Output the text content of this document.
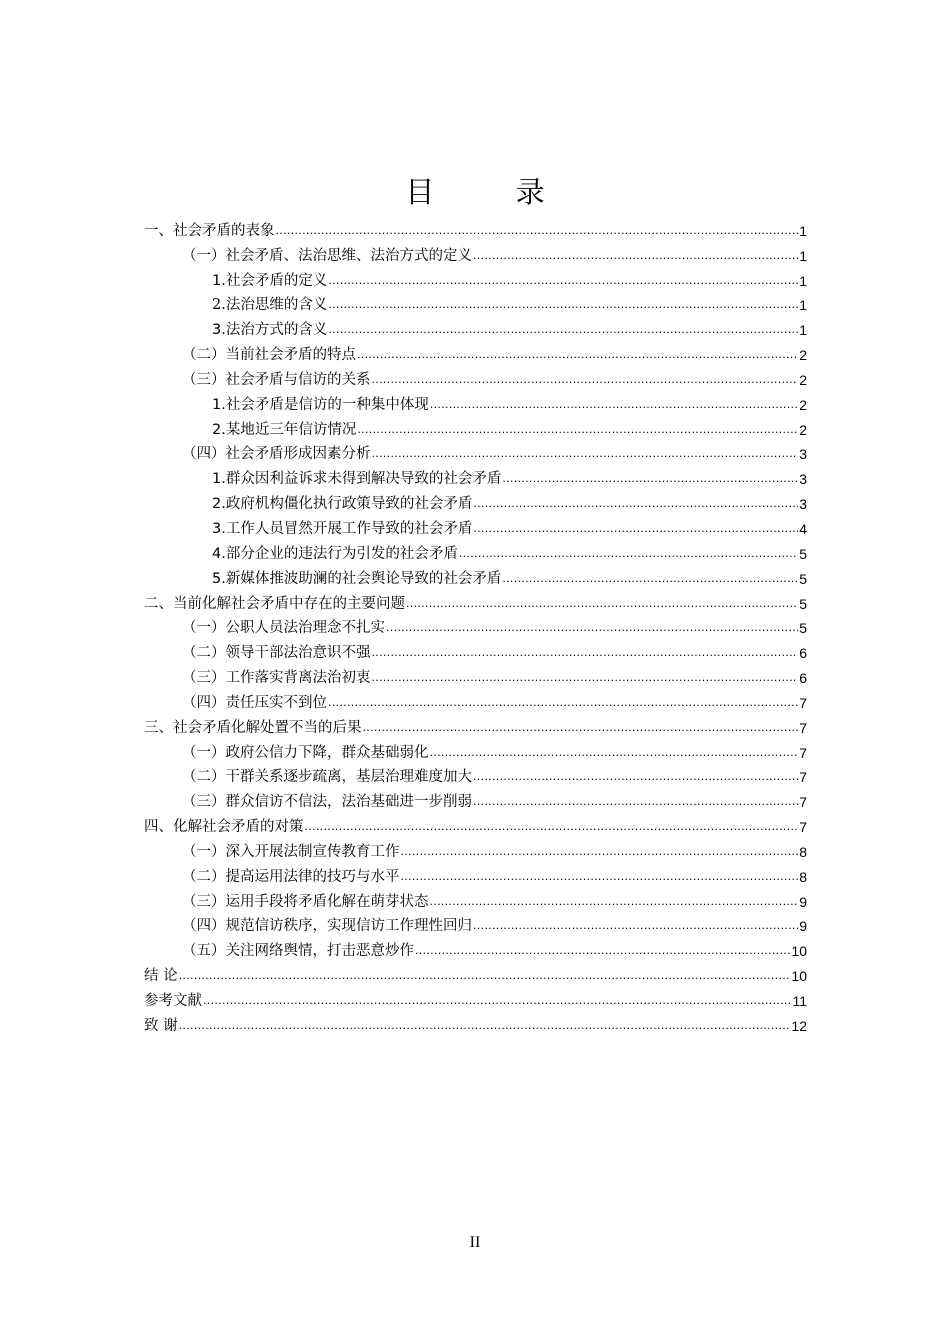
目 录
一、社会矛盾的表象 .....	1
（一）社会矛盾、法治思维、法治方式的定义 .....	1
1.社会矛盾的定义 .....	1
2.法治思维的含义 .....	1
3.法治方式的含义 .....	1
（二）当前社会矛盾的特点 .....	2
（三）社会矛盾与信访的关系 .....	2
1.社会矛盾是信访的一种集中体现 .....	2
2.某地近三年信访情况 .....	2
（四）社会矛盾形成因素分析 .....	3
1.群众因利益诉求未得到解决导致的社会矛盾 .....	3
2.政府机构僵化执行政策导致的社会矛盾 .....	3
3.工作人员冒然开展工作导致的社会矛盾 .....	4
4.部分企业的违法行为引发的社会矛盾 .....	5
5.新媒体推波助澜的社会舆论导致的社会矛盾 .....	5
二、当前化解社会矛盾中存在的主要问题 .....	5
（一）公职人员法治理念不扎实 .....	5
（二）领导干部法治意识不强 .....	6
（三）工作落实背离法治初衷 .....	6
（四）责任压实不到位 .....	7
三、社会矛盾化解处置不当的后果 .....	7
（一）政府公信力下降，群众基础弱化 .....	7
（二）干群关系逐步疏离，基层治理难度加大 .....	7
（三）群众信访不信法，法治基础进一步削弱 .....	7
四、化解社会矛盾的对策 .....	7
（一）深入开展法制宣传教育工作 .....	8
（二）提高运用法律的技巧与水平 .....	8
（三）运用手段将矛盾化解在萌芽状态 .....	9
（四）规范信访秩序，实现信访工作理性回归 .....	9
（五）关注网络舆情，打击恶意炒作 .....	10
结 论 .....	10
参考文献 .....	11
致 谢 .....	12
II
